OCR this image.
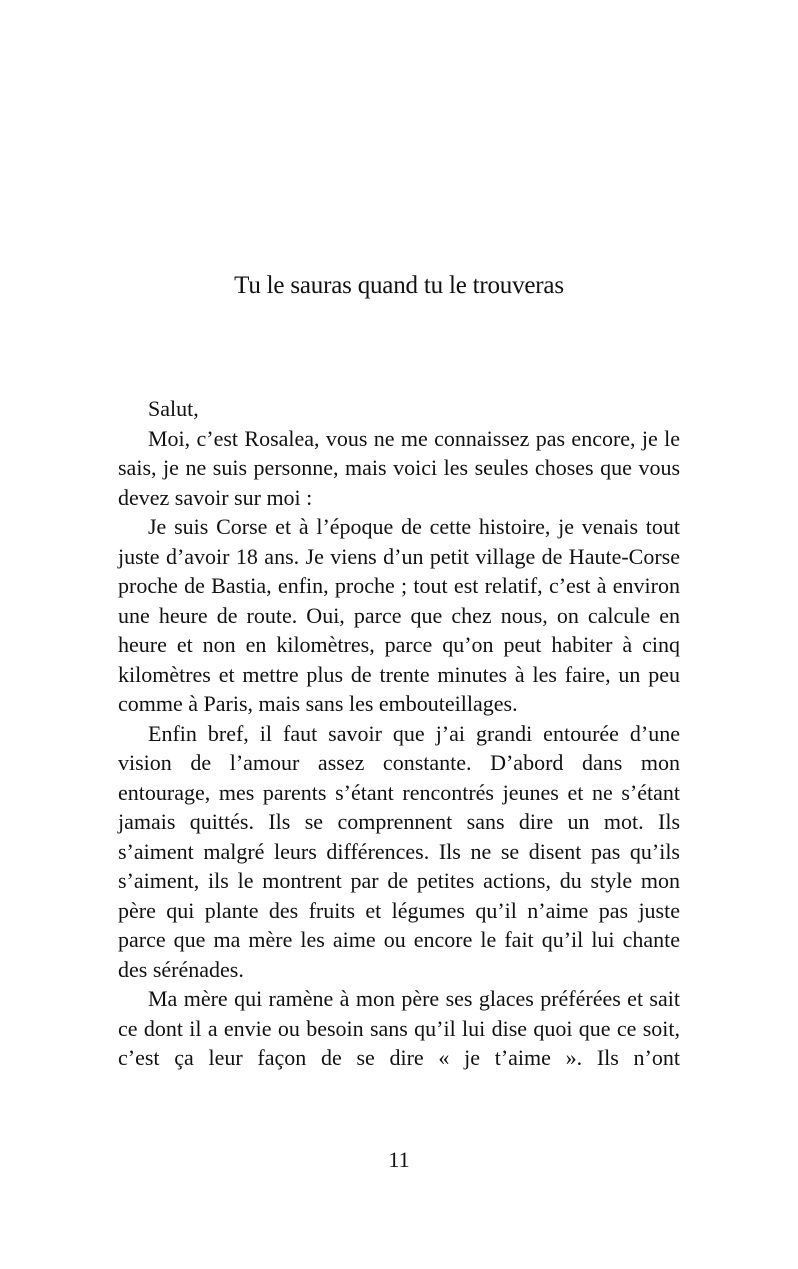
Tu le sauras quand tu le trouveras

Salut,

Moi, c’est Rosalea, vous ne me connaissez pas encore, je le sais, je ne suis personne, mais voici les seules choses que vous devez savoir sur moi :

Je suis Corse et à l’époque de cette histoire, je venais tout juste d’avoir 18 ans. Je viens d’un petit village de Haute-Corse proche de Bastia, enfin, proche ; tout est relatif, c’est à environ une heure de route. Oui, parce que chez nous, on calcule en heure et non en kilomètres, parce qu’on peut habiter à cinq kilomètres et mettre plus de trente minutes à les faire, un peu comme à Paris, mais sans les embouteillages.

Enfin bref, il faut savoir que j’ai grandi entourée d’une vision de l’amour assez constante. D’abord dans mon entourage, mes parents s’étant rencontrés jeunes et ne s’étant jamais quittés. Ils se comprennent sans dire un mot. Ils s’aiment malgré leurs différences. Ils ne se disent pas qu’ils s’aiment, ils le montrent par de petites actions, du style mon père qui plante des fruits et légumes qu’il n’aime pas juste parce que ma mère les aime ou encore le fait qu’il lui chante des sérénades.

Ma mère qui ramène à mon père ses glaces préférées et sait ce dont il a envie ou besoin sans qu’il lui dise quoi que ce soit, c’est ça leur façon de se dire « je t’aime ». Ils n’ont

11
